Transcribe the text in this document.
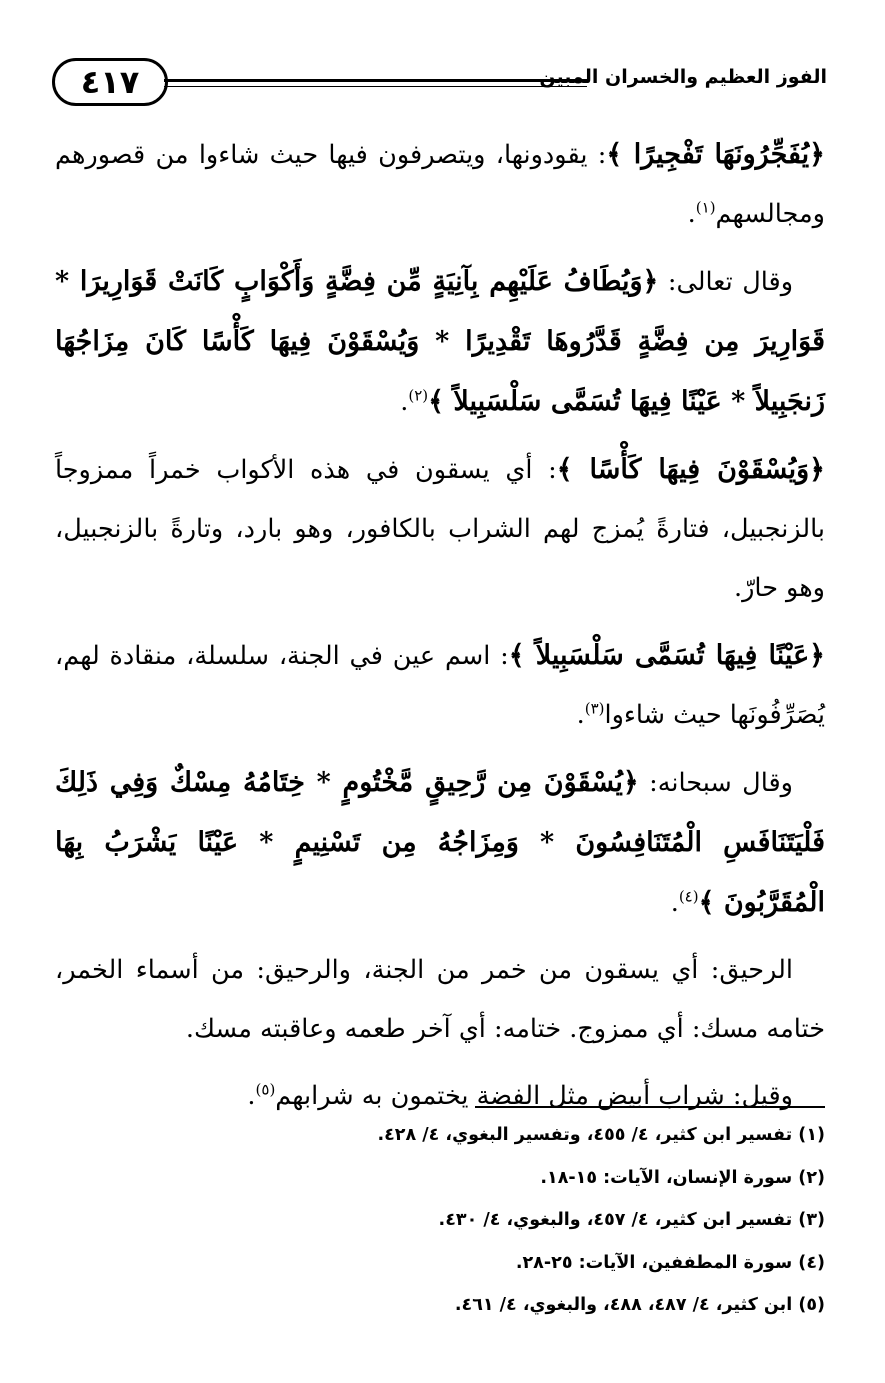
٤١٧	الفوز العظيم والخسران المبين

﴿يُفَجِّرُونَهَا تَفْجِيرًا ﴾: يقودونها، ويتصرفون فيها حيث شاءوا من قصورهم ومجالسهم$^{(١)}$.

وقال تعالى: ﴿وَيُطَافُ عَلَيْهِم بِآنِيَةٍ مِّن فِضَّةٍ وَأَكْوَابٍ كَانَتْ قَوَارِيرَا * قَوَارِيرَ مِن فِضَّةٍ قَدَّرُوهَا تَقْدِيرًا * وَيُسْقَوْنَ فِيهَا كَأْسًا كَانَ مِزَاجُهَا زَنجَبِيلاً * عَيْنًا فِيهَا تُسَمَّى سَلْسَبِيلاً ﴾$^{(٢)}$.

﴿وَيُسْقَوْنَ فِيهَا كَأْسًا ﴾: أي يسقون في هذه الأكواب خمراً ممزوجاً بالزنجبيل، فتارةً يُمزج لهم الشراب بالكافور، وهو بارد، وتارةً بالزنجبيل، وهو حارّ.

﴿عَيْنًا فِيهَا تُسَمَّى سَلْسَبِيلاً ﴾: اسم عين في الجنة، سلسلة، منقادة لهم، يُصَرِّفُونَها حيث شاءوا$^{(٣)}$.

وقال سبحانه: ﴿يُسْقَوْنَ مِن رَّحِيقٍ مَّخْتُومٍ * خِتَامُهُ مِسْكٌ وَفِي ذَلِكَ فَلْيَتَنَافَسِ الْمُتَنَافِسُونَ * وَمِزَاجُهُ مِن تَسْنِيمٍ * عَيْنًا يَشْرَبُ بِهَا الْمُقَرَّبُونَ ﴾$^{(٤)}$.

الرحيق: أي يسقون من خمر من الجنة، والرحيق: من أسماء الخمر، ختامه مسك: أي ممزوج. ختامه: أي آخر طعمه وعاقبته مسك.

وقيل: شراب أبيض مثل الفضة يختمون به شرابهم$^{(٥)}$.

(١) تفسير ابن كثير، ٤/ ٤٥٥، وتفسير البغوي، ٤/ ٤٢٨.
(٢) سورة الإنسان، الآيات: ١٥-١٨.
(٣) تفسير ابن كثير، ٤/ ٤٥٧، والبغوي، ٤/ ٤٣٠.
(٤) سورة المطففين، الآيات: ٢٥-٢٨.
(٥) ابن كثير، ٤/ ٤٨٧، ٤٨٨، والبغوي، ٤/ ٤٦١.
